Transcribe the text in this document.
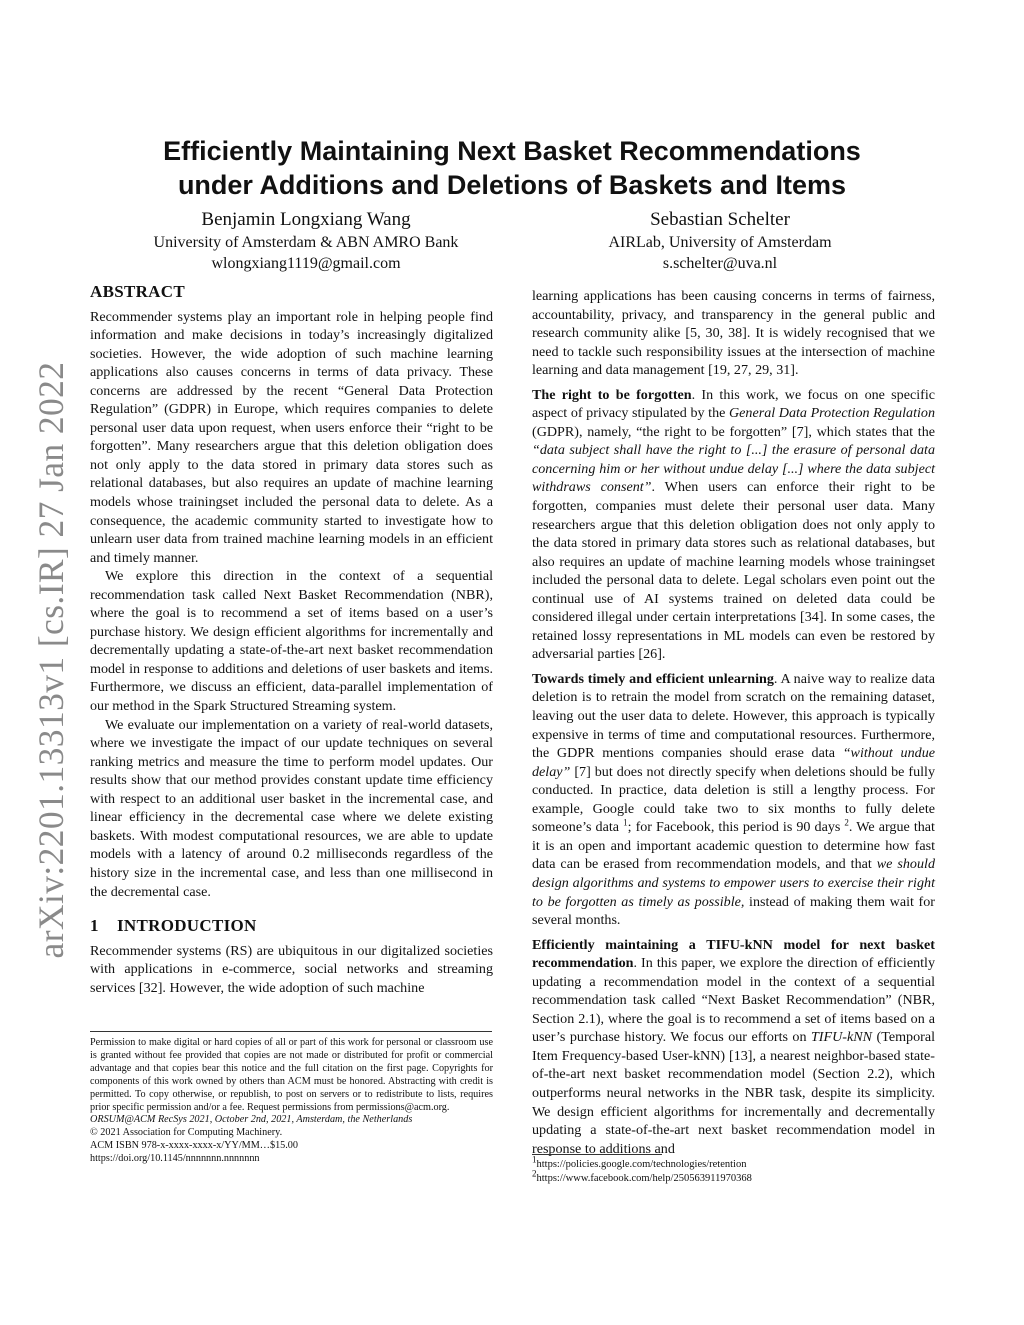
arXiv:2201.13313v1 [cs.IR] 27 Jan 2022
Efficiently Maintaining Next Basket Recommendations
under Additions and Deletions of Baskets and Items
Benjamin Longxiang Wang
University of Amsterdam & ABN AMRO Bank
wlongxiang1119@gmail.com
Sebastian Schelter
AIRLab, University of Amsterdam
s.schelter@uva.nl
ABSTRACT

Recommender systems play an important role in helping people find information and make decisions in today’s increasingly digitalized societies. However, the wide adoption of such machine learning applications also causes concerns in terms of data privacy. These concerns are addressed by the recent “General Data Protection Regulation” (GDPR) in Europe, which requires companies to delete personal user data upon request, when users enforce their “right to be forgotten”. Many researchers argue that this deletion obligation does not only apply to the data stored in primary data stores such as relational databases, but also requires an update of machine learning models whose trainingset included the personal data to delete. As a consequence, the academic community started to investigate how to unlearn user data from trained machine learning models in an efficient and timely manner.

We explore this direction in the context of a sequential recommendation task called Next Basket Recommendation (NBR), where the goal is to recommend a set of items based on a user’s purchase history. We design efficient algorithms for incrementally and decrementally updating a state-of-the-art next basket recommendation model in response to additions and deletions of user baskets and items. Furthermore, we discuss an efficient, data-parallel implementation of our method in the Spark Structured Streaming system.

We evaluate our implementation on a variety of real-world datasets, where we investigate the impact of our update techniques on several ranking metrics and measure the time to perform model updates. Our results show that our method provides constant update time efficiency with respect to an additional user basket in the incremental case, and linear efficiency in the decremental case where we delete existing baskets. With modest computational resources, we are able to update models with a latency of around 0.2 milliseconds regardless of the history size in the incremental case, and less than one millisecond in the decremental case.

1 INTRODUCTION

Recommender systems (RS) are ubiquitous in our digitalized societies with applications in e-commerce, social networks and streaming services [32]. However, the wide adoption of such machine

Permission to make digital or hard copies of all or part of this work for personal or classroom use is granted without fee provided that copies are not made or distributed for profit or commercial advantage and that copies bear this notice and the full citation on the first page. Copyrights for components of this work owned by others than ACM must be honored. Abstracting with credit is permitted. To copy otherwise, or republish, to post on servers or to redistribute to lists, requires prior specific permission and/or a fee. Request permissions from permissions@acm.org.
ORSUM@ACM RecSys 2021, October 2nd, 2021, Amsterdam, the Netherlands
© 2021 Association for Computing Machinery.
ACM ISBN 978-x-xxxx-xxxx-x/YY/MM…$15.00
https://doi.org/10.1145/nnnnnnn.nnnnnnn

learning applications has been causing concerns in terms of fairness, accountability, privacy, and transparency in the general public and research community alike [5, 30, 38]. It is widely recognised that we need to tackle such responsibility issues at the intersection of machine learning and data management [19, 27, 29, 31].

The right to be forgotten. In this work, we focus on one specific aspect of privacy stipulated by the General Data Protection Regulation (GDPR), namely, “the right to be forgotten” [7], which states that the “data subject shall have the right to [...] the erasure of personal data concerning him or her without undue delay [...] where the data subject withdraws consent”. When users can enforce their right to be forgotten, companies must delete their personal user data. Many researchers argue that this deletion obligation does not only apply to the data stored in primary data stores such as relational databases, but also requires an update of machine learning models whose trainingset included the personal data to delete. Legal scholars even point out the continual use of AI systems trained on deleted data could be considered illegal under certain interpretations [34]. In some cases, the retained lossy representations in ML models can even be restored by adversarial parties [26].

Towards timely and efficient unlearning. A naive way to realize data deletion is to retrain the model from scratch on the remaining dataset, leaving out the user data to delete. However, this approach is typically expensive in terms of time and computational resources. Furthermore, the GDPR mentions companies should erase data “without undue delay” [7] but does not directly specify when deletions should be fully conducted. In practice, data deletion is still a lengthy process. For example, Google could take two to six months to fully delete someone’s data $^1$; for Facebook, this period is 90 days $^2$. We argue that it is an open and important academic question to determine how fast data can be erased from recommendation models, and that we should design algorithms and systems to empower users to exercise their right to be forgotten as timely as possible, instead of making them wait for several months.

Efficiently maintaining a TIFU-kNN model for next basket recommendation. In this paper, we explore the direction of efficiently updating a recommendation model in the context of a sequential recommendation task called “Next Basket Recommendation” (NBR, Section 2.1), where the goal is to recommend a set of items based on a user’s purchase history. We focus our efforts on TIFU-kNN (Temporal Item Frequency-based User-kNN) [13], a nearest neighbor-based state-of-the-art next basket recommendation model (Section 2.2), which outperforms neural networks in the NBR task, despite its simplicity. We design efficient algorithms for incrementally and decrementally updating a state-of-the-art next basket recommendation model in response to additions and

$^1$https://policies.google.com/technologies/retention
$^2$https://www.facebook.com/help/250563911970368
